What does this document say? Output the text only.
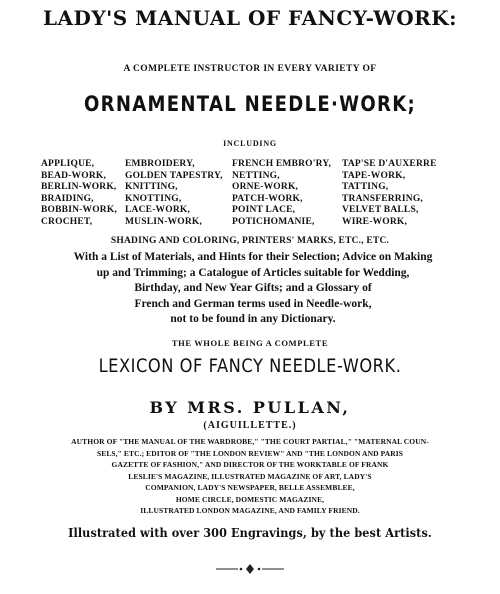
LADY'S MANUAL OF FANCY-WORK:
A COMPLETE INSTRUCTOR IN EVERY VARIETY OF
ORNAMENTAL NEEDLE·WORK;
INCLUDING
APPLIQUE,
BEAD-WORK,
BERLIN-WORK,
BRAIDING,
BOBBIN-WORK,
CROCHET,
EMBROIDERY,
GOLDEN TAPESTRY,
KNITTING,
KNOTTING,
LACE-WORK,
MUSLIN-WORK,
FRENCH EMBRO'RY,
NETTING,
ORNE-WORK,
PATCH-WORK,
POINT LACE,
POTICHOMANIE,
TAP'SE D'AUXERRE
TAPE-WORK,
TATTING,
TRANSFERRING,
VELVET BALLS,
WIRE-WORK,
SHADING AND COLORING, PRINTERS' MARKS, ETC., ETC.
With a List of Materials, and Hints for their Selection; Advice on Making
up and Trimming; a Catalogue of Articles suitable for Wedding,
Birthday, and New Year Gifts; and a Glossary of
French and German terms used in Needle-work,
not to be found in any Dictionary.
THE WHOLE BEING A COMPLETE
LEXICON OF FANCY NEEDLE-WORK.
BY MRS. PULLAN,
(AIGUILLETTE.)
AUTHOR OF "THE MANUAL OF THE WARDROBE," "THE COURT PARTIAL," "MATERNAL COUN-
SELS," ETC.; EDITOR OF "THE LONDON REVIEW" AND "THE LONDON AND PARIS
GAZETTE OF FASHION," AND DIRECTOR OF THE WORKTABLE OF FRANK
LESLIE'S MAGAZINE, ILLUSTRATED MAGAZINE OF ART, LADY'S
COMPANION, LADY'S NEWSPAPER, BELLE ASSEMBLEE,
HOME CIRCLE, DOMESTIC MAGAZINE,
ILLUSTRATED LONDON MAGAZINE, AND FAMILY FRIEND.
Illustrated with over 300 Engravings, by the best Artists.
